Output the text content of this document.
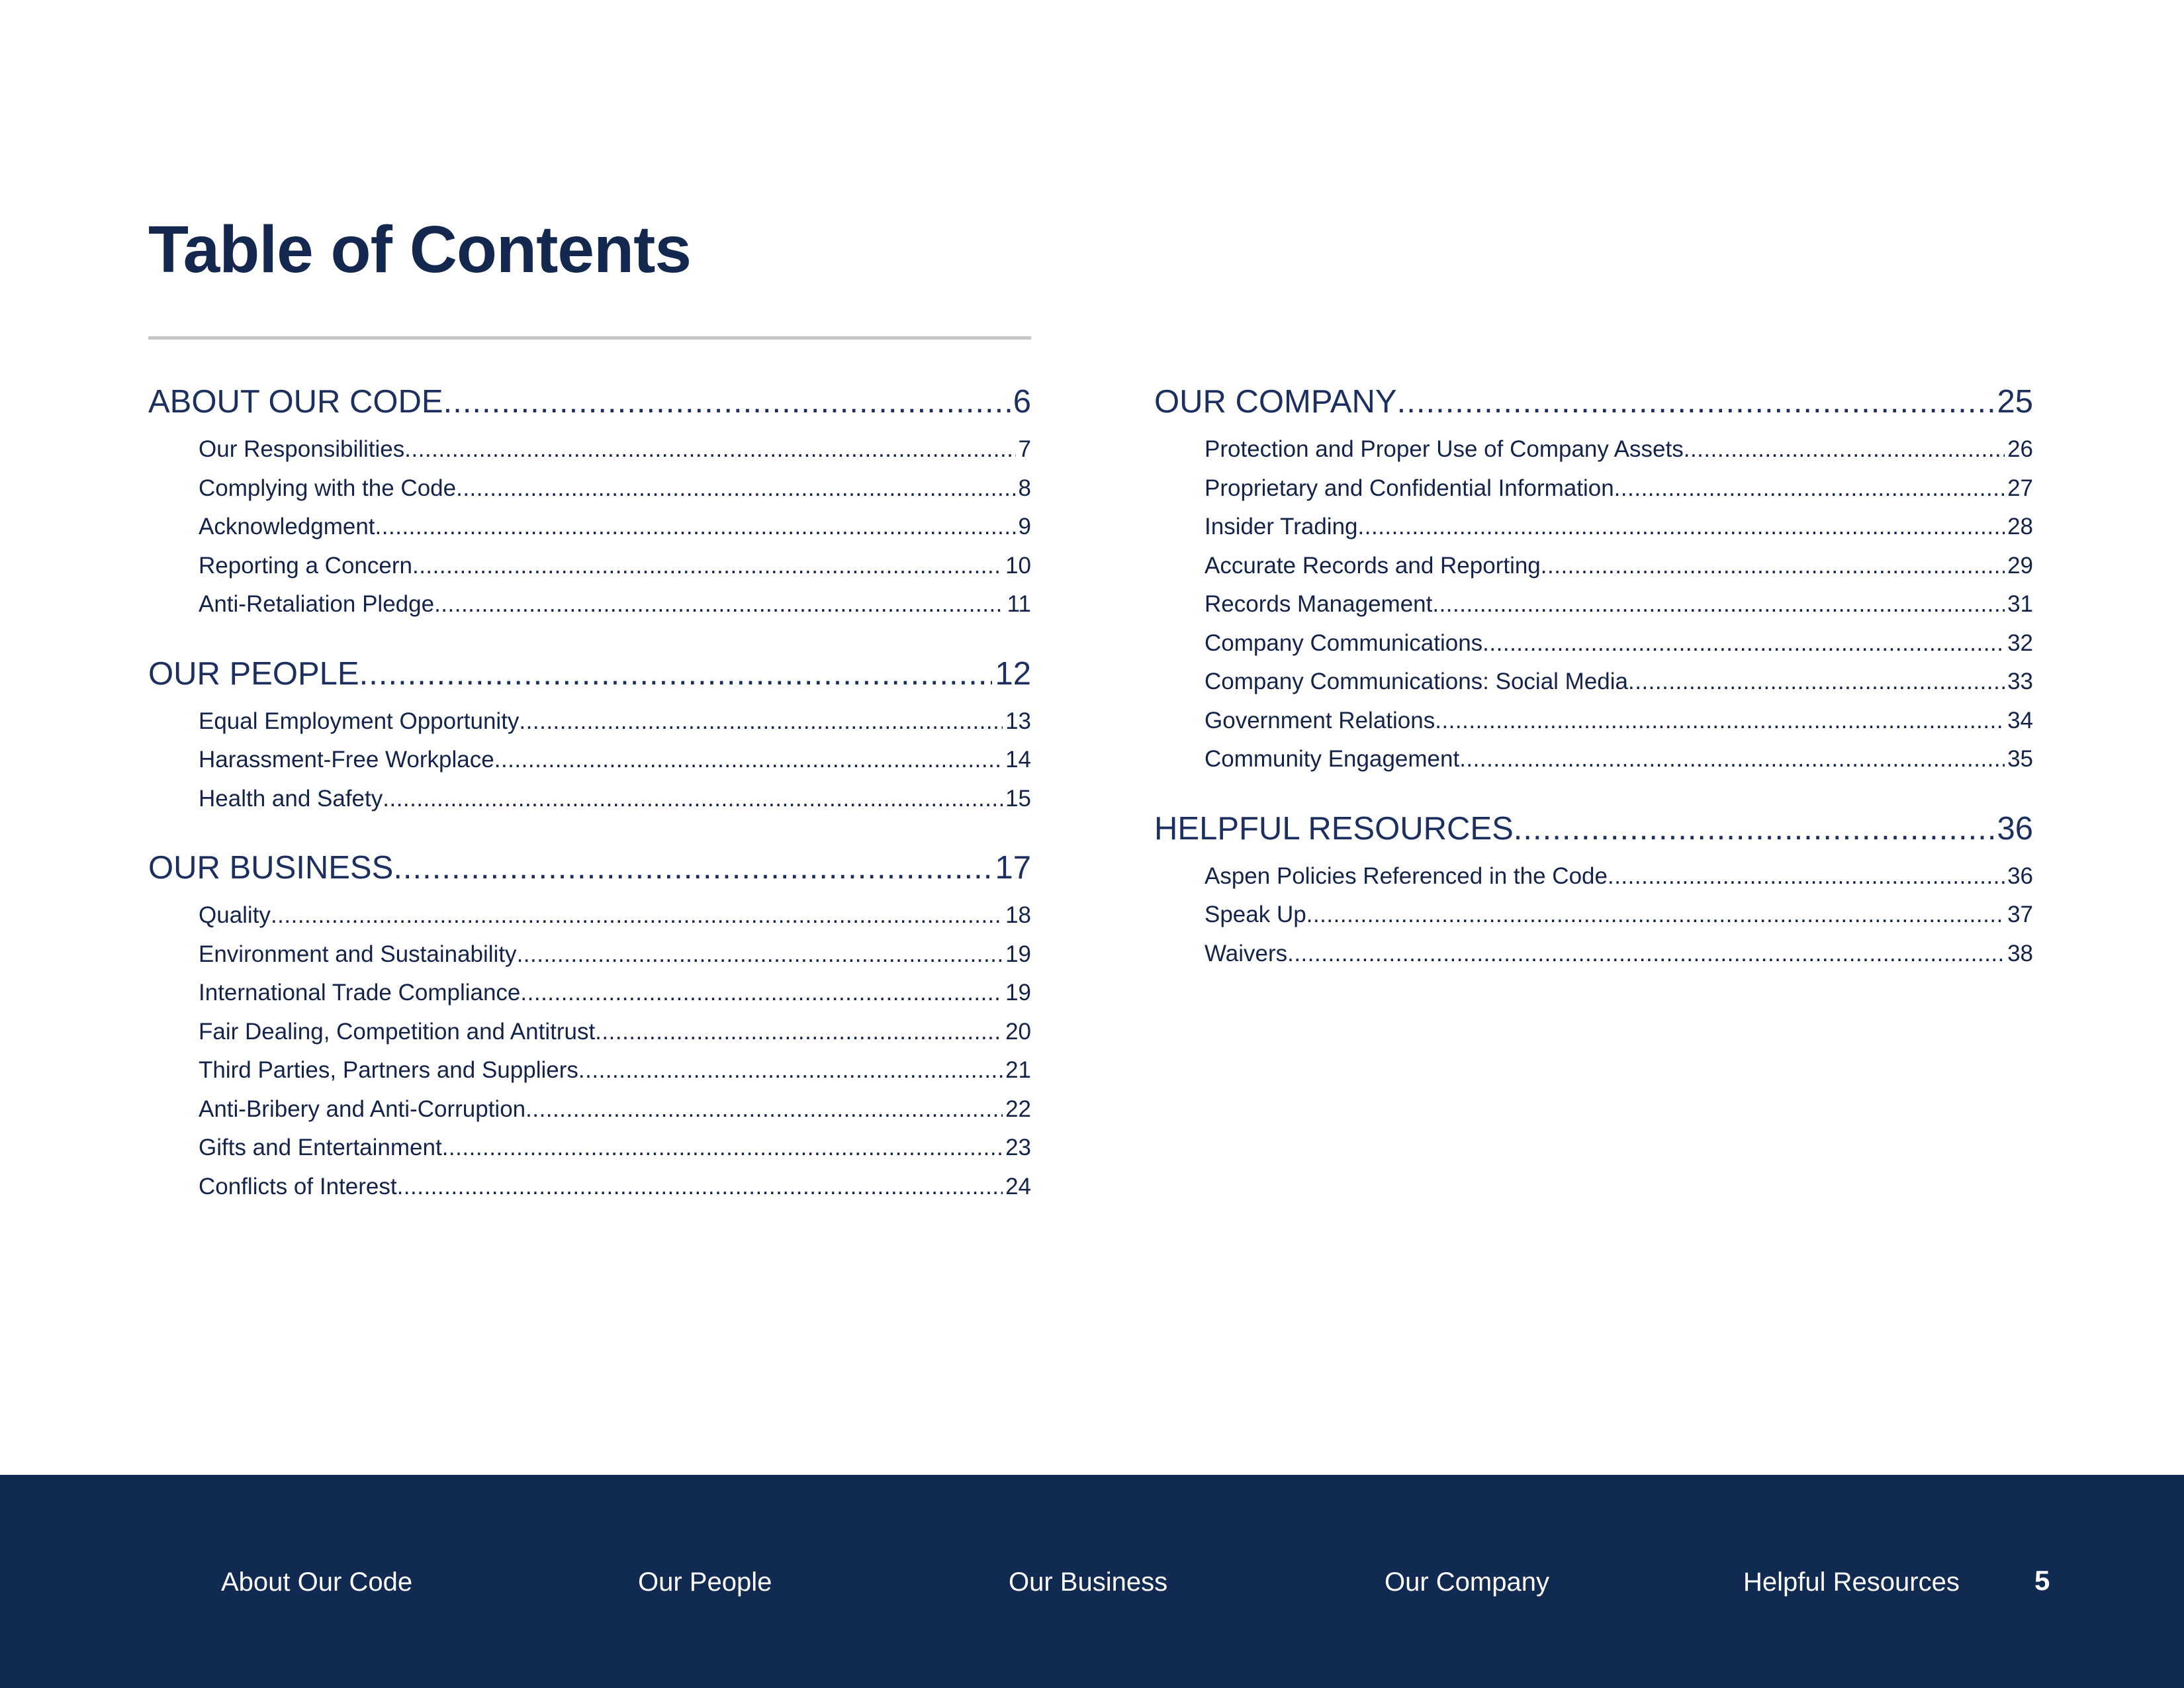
Table of Contents
ABOUT OUR CODE .....	6
Our Responsibilities .....	7
Complying with the Code .....	8
Acknowledgment .....	9
Reporting a Concern .....	10
Anti-Retaliation Pledge .....	11
OUR PEOPLE .....	12
Equal Employment Opportunity .....	13
Harassment-Free Workplace .....	14
Health and Safety .....	15
OUR BUSINESS .....	17
Quality .....	18
Environment and Sustainability .....	19
International Trade Compliance .....	19
Fair Dealing, Competition and Antitrust .....	20
Third Parties, Partners and Suppliers .....	21
Anti-Bribery and Anti-Corruption .....	22
Gifts and Entertainment .....	23
Conflicts of Interest .....	24
OUR COMPANY .....	25
Protection and Proper Use of Company Assets .....	26
Proprietary and Confidential Information .....	27
Insider Trading .....	28
Accurate Records and Reporting .....	29
Records Management .....	31
Company Communications .....	32
Company Communications: Social Media .....	33
Government Relations .....	34
Community Engagement .....	35
HELPFUL RESOURCES .....	36
Aspen Policies Referenced in the Code .....	36
Speak Up .....	37
Waivers .....	38
About Our Code	Our People	Our Business	Our Company	Helpful Resources	5
